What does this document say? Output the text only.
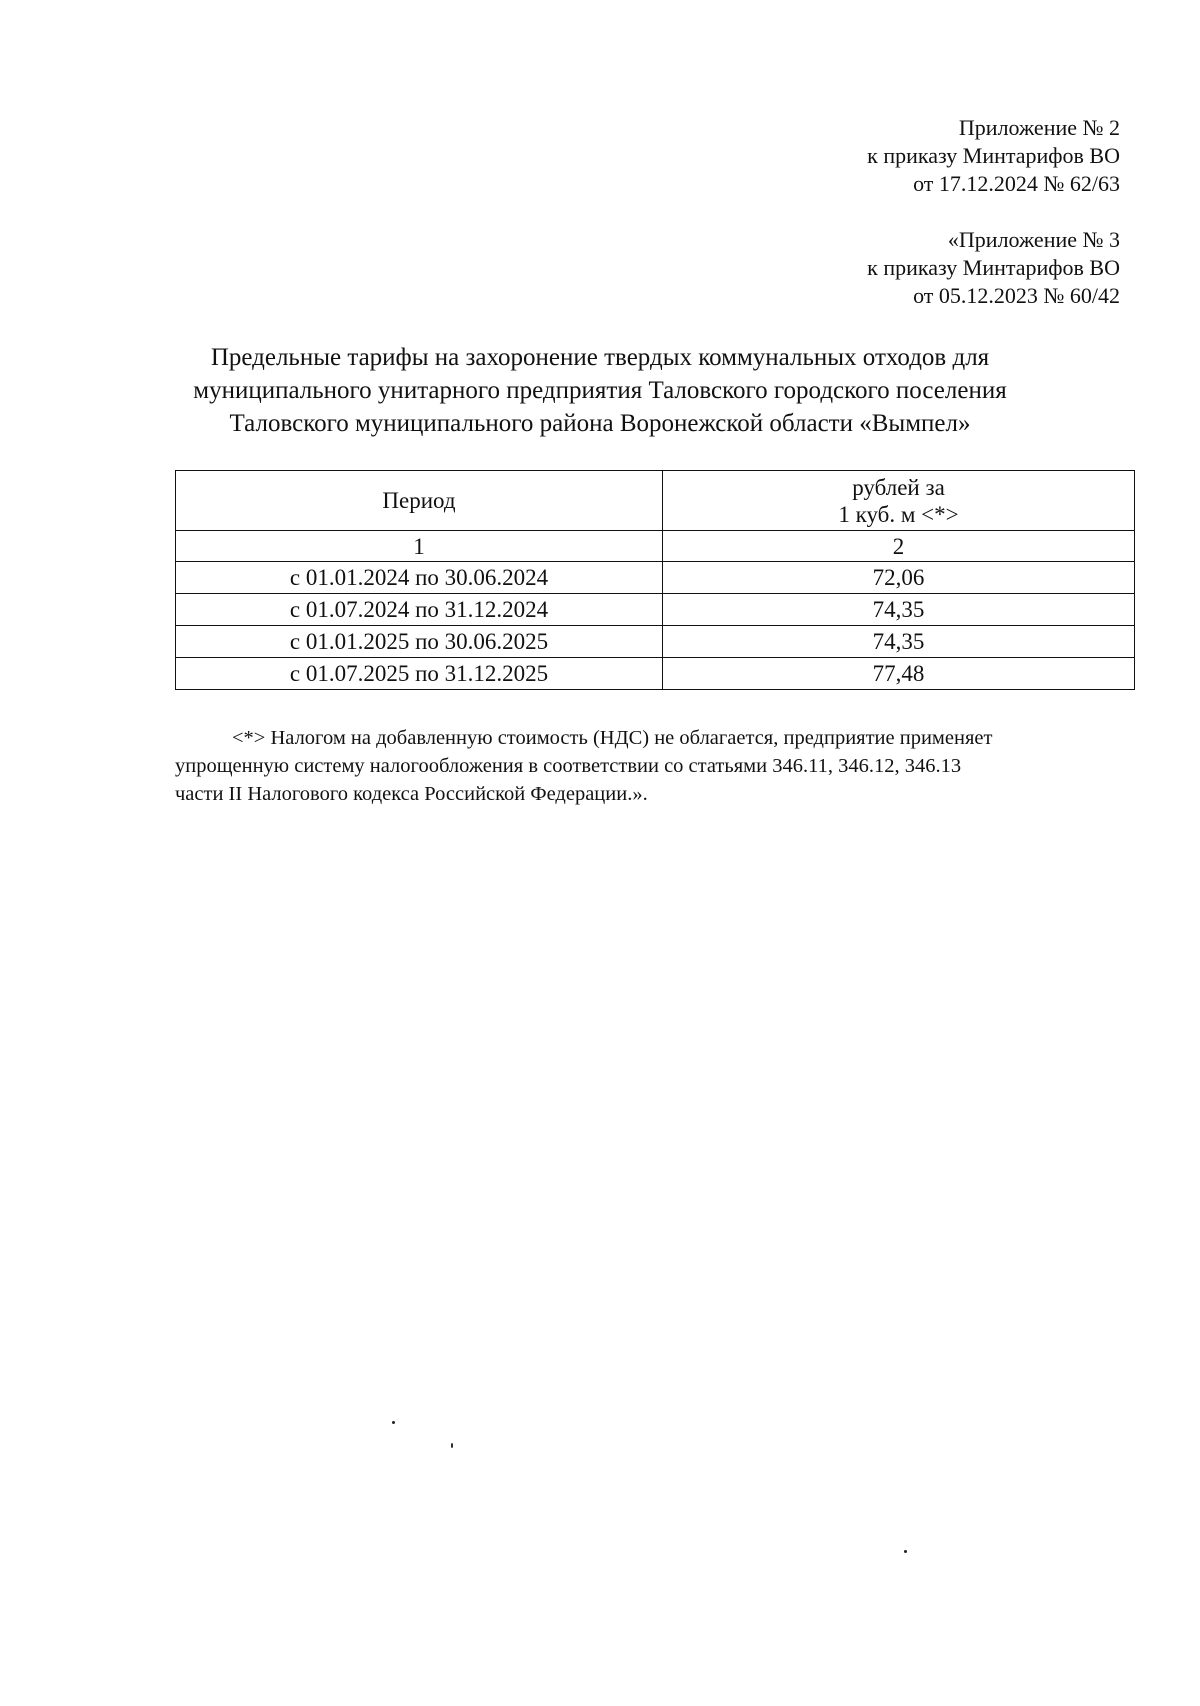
Приложение № 2
к приказу Минтарифов ВО
от 17.12.2024 № 62/63
«Приложение № 3
к приказу Минтарифов ВО
от 05.12.2023 № 60/42
Предельные тарифы на захоронение твердых коммунальных отходов для
муниципального унитарного предприятия Таловского городского поселения
Таловского муниципального района Воронежской области «Вымпел»
Период	рублей за
1 куб. м <*>

1	2
с 01.01.2024 по 30.06.2024	72,06
с 01.07.2024 по 31.12.2024	74,35
с 01.01.2025 по 30.06.2025	74,35
с 01.07.2025 по 31.12.2025	77,48
<*> Налогом на добавленную стоимость (НДС) не облагается, предприятие применяет
упрощенную систему налогообложения в соответствии со статьями 346.11, 346.12, 346.13
части II Налогового кодекса Российской Федерации.».
